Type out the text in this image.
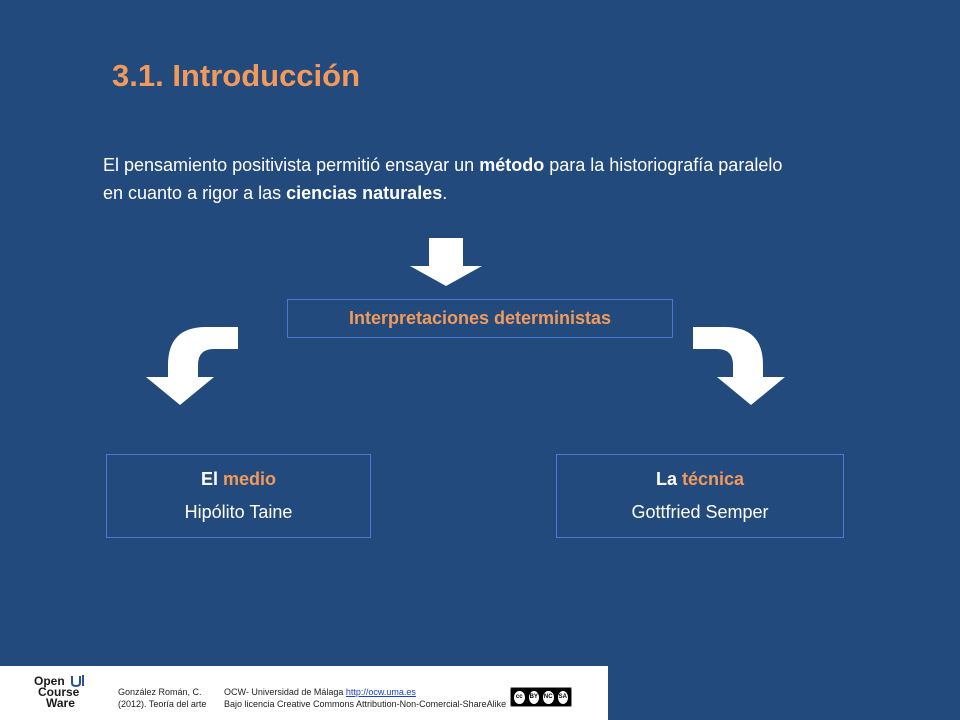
3.1. Introducción
El pensamiento positivista permitió ensayar un método para la historiografía paralelo en cuanto a rigor a las ciencias naturales.
Interpretaciones deterministas
El medio
Hipólito Taine
La técnica
Gottfried Semper
Open
Course
Ware
González Román, C.
(2012). Teoría del arte
OCW- Universidad de Málaga http://ocw.uma.es
Bajo licencia Creative Commons Attribution-Non-Comercial-ShareAlike
cc	BY NC	SA
